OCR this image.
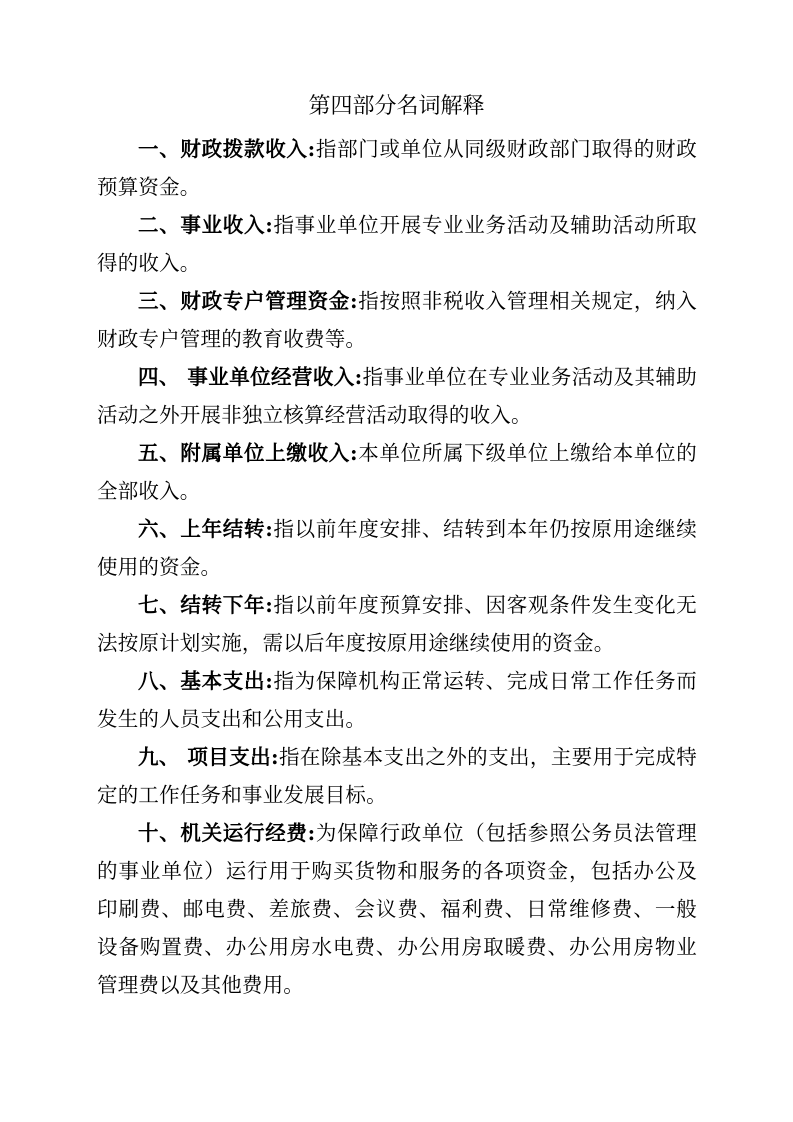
第四部分名词解释

一、财政拨款收入:指部门或单位从同级财政部门取得的财政预算资金。

二、事业收入:指事业单位开展专业业务活动及辅助活动所取得的收入。

三、财政专户管理资金:指按照非税收入管理相关规定，纳入财政专户管理的教育收费等。

四、 事业单位经营收入:指事业单位在专业业务活动及其辅助活动之外开展非独立核算经营活动取得的收入。

五、附属单位上缴收入:本单位所属下级单位上缴给本单位的全部收入。

六、上年结转:指以前年度安排、结转到本年仍按原用途继续使用的资金。

七、结转下年:指以前年度预算安排、因客观条件发生变化无法按原计划实施，需以后年度按原用途继续使用的资金。

八、基本支出:指为保障机构正常运转、完成日常工作任务而发生的人员支出和公用支出。

九、 项目支出:指在除基本支出之外的支出，主要用于完成特定的工作任务和事业发展目标。

十、机关运行经费:为保障行政单位（包括参照公务员法管理的事业单位）运行用于购买货物和服务的各项资金，包括办公及印刷费、邮电费、差旅费、会议费、福利费、日常维修费、一般设备购置费、办公用房水电费、办公用房取暖费、办公用房物业管理费以及其他费用。
